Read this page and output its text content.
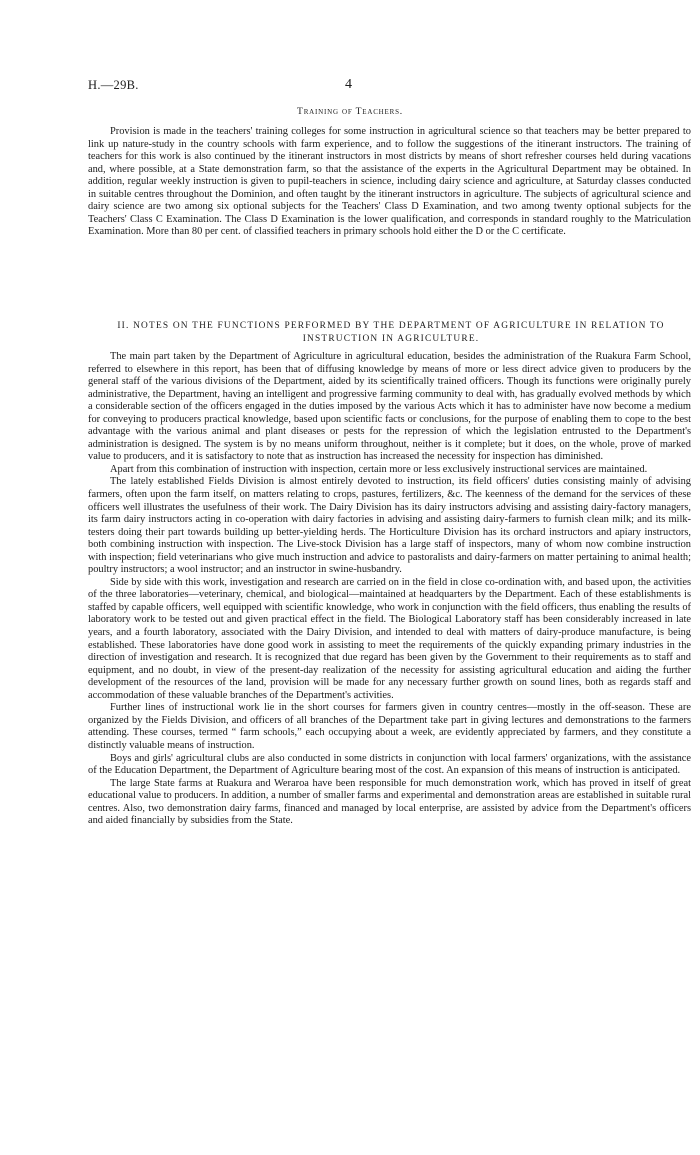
H.—29B.	4
Training of Teachers.

Provision is made in the teachers' training colleges for some instruction in agricultural science so that teachers may be better prepared to link up nature-study in the country schools with farm experience, and to follow the suggestions of the itinerant instructors. The training of teachers for this work is also continued by the itinerant instructors in most districts by means of short refresher courses held during vacations and, where possible, at a State demonstration farm, so that the assistance of the experts in the Agricultural Department may be obtained. In addition, regular weekly instruction is given to pupil-teachers in science, including dairy science and agriculture, at Saturday classes conducted in suitable centres throughout the Dominion, and often taught by the itinerant instructors in agriculture. The subjects of agricultural science and dairy science are two among six optional subjects for the Teachers' Class D Examination, and two among twenty optional subjects for the Teachers' Class C Examination. The Class D Examination is the lower qualification, and corresponds in standard roughly to the Matriculation Examination. More than 80 per cent. of classified teachers in primary schools hold either the D or the C certificate.

II. NOTES ON THE FUNCTIONS PERFORMED BY THE DEPARTMENT OF AGRICULTURE IN RELATION TO INSTRUCTION IN AGRICULTURE.

The main part taken by the Department of Agriculture in agricultural education, besides the administration of the Ruakura Farm School, referred to elsewhere in this report, has been that of diffusing knowledge by means of more or less direct advice given to producers by the general staff of the various divisions of the Department, aided by its scientifically trained officers. Though its functions were originally purely administrative, the Department, having an intelligent and progressive farming community to deal with, has gradually evolved methods by which a considerable section of the officers engaged in the duties imposed by the various Acts which it has to administer have now become a medium for conveying to producers practical knowledge, based upon scientific facts or conclusions, for the purpose of enabling them to cope to the best advantage with the various animal and plant diseases or pests for the repression of which the legislation entrusted to the Department's administration is designed. The system is by no means uniform throughout, neither is it complete; but it does, on the whole, prove of marked value to producers, and it is satisfactory to note that as instruction has increased the necessity for inspection has diminished.

Apart from this combination of instruction with inspection, certain more or less exclusively instructional services are maintained.

The lately established Fields Division is almost entirely devoted to instruction, its field officers' duties consisting mainly of advising farmers, often upon the farm itself, on matters relating to crops, pastures, fertilizers, &c. The keenness of the demand for the services of these officers well illustrates the usefulness of their work. The Dairy Division has its dairy instructors advising and assisting dairy-factory managers, its farm dairy instructors acting in co-operation with dairy factories in advising and assisting dairy-farmers to furnish clean milk; and its milk-testers doing their part towards building up better-yielding herds. The Horticulture Division has its orchard instructors and apiary instructors, both combining instruction with inspection. The Live-stock Division has a large staff of inspectors, many of whom now combine instruction with inspection; field veterinarians who give much instruction and advice to pastoralists and dairy-farmers on matter pertaining to animal health; poultry instructors; a wool instructor; and an instructor in swine-husbandry.

Side by side with this work, investigation and research are carried on in the field in close co-ordination with, and based upon, the activities of the three laboratories—veterinary, chemical, and biological—maintained at headquarters by the Department. Each of these establishments is staffed by capable officers, well equipped with scientific knowledge, who work in conjunction with the field officers, thus enabling the results of laboratory work to be tested out and given practical effect in the field. The Biological Laboratory staff has been considerably increased in late years, and a fourth laboratory, associated with the Dairy Division, and intended to deal with matters of dairy-produce manufacture, is being established. These laboratories have done good work in assisting to meet the requirements of the quickly expanding primary industries in the direction of investigation and research. It is recognized that due regard has been given by the Government to their requirements as to staff and equipment, and no doubt, in view of the present-day realization of the necessity for assisting agricultural education and aiding the further development of the resources of the land, provision will be made for any necessary further growth on sound lines, both as regards staff and accommodation of these valuable branches of the Department's activities.

Further lines of instructional work lie in the short courses for farmers given in country centres—mostly in the off-season. These are organized by the Fields Division, and officers of all branches of the Department take part in giving lectures and demonstrations to the farmers attending. These courses, termed “ farm schools,” each occupying about a week, are evidently appreciated by farmers, and they constitute a distinctly valuable means of instruction.

Boys and girls' agricultural clubs are also conducted in some districts in conjunction with local farmers' organizations, with the assistance of the Education Department, the Department of Agriculture bearing most of the cost. An expansion of this means of instruction is anticipated.

The large State farms at Ruakura and Weraroa have been responsible for much demonstration work, which has proved in itself of great educational value to producers. In addition, a number of smaller farms and experimental and demonstration areas are established in suitable rural centres. Also, two demonstration dairy farms, financed and managed by local enterprise, are assisted by advice from the Department's officers and aided financially by subsidies from the State.
